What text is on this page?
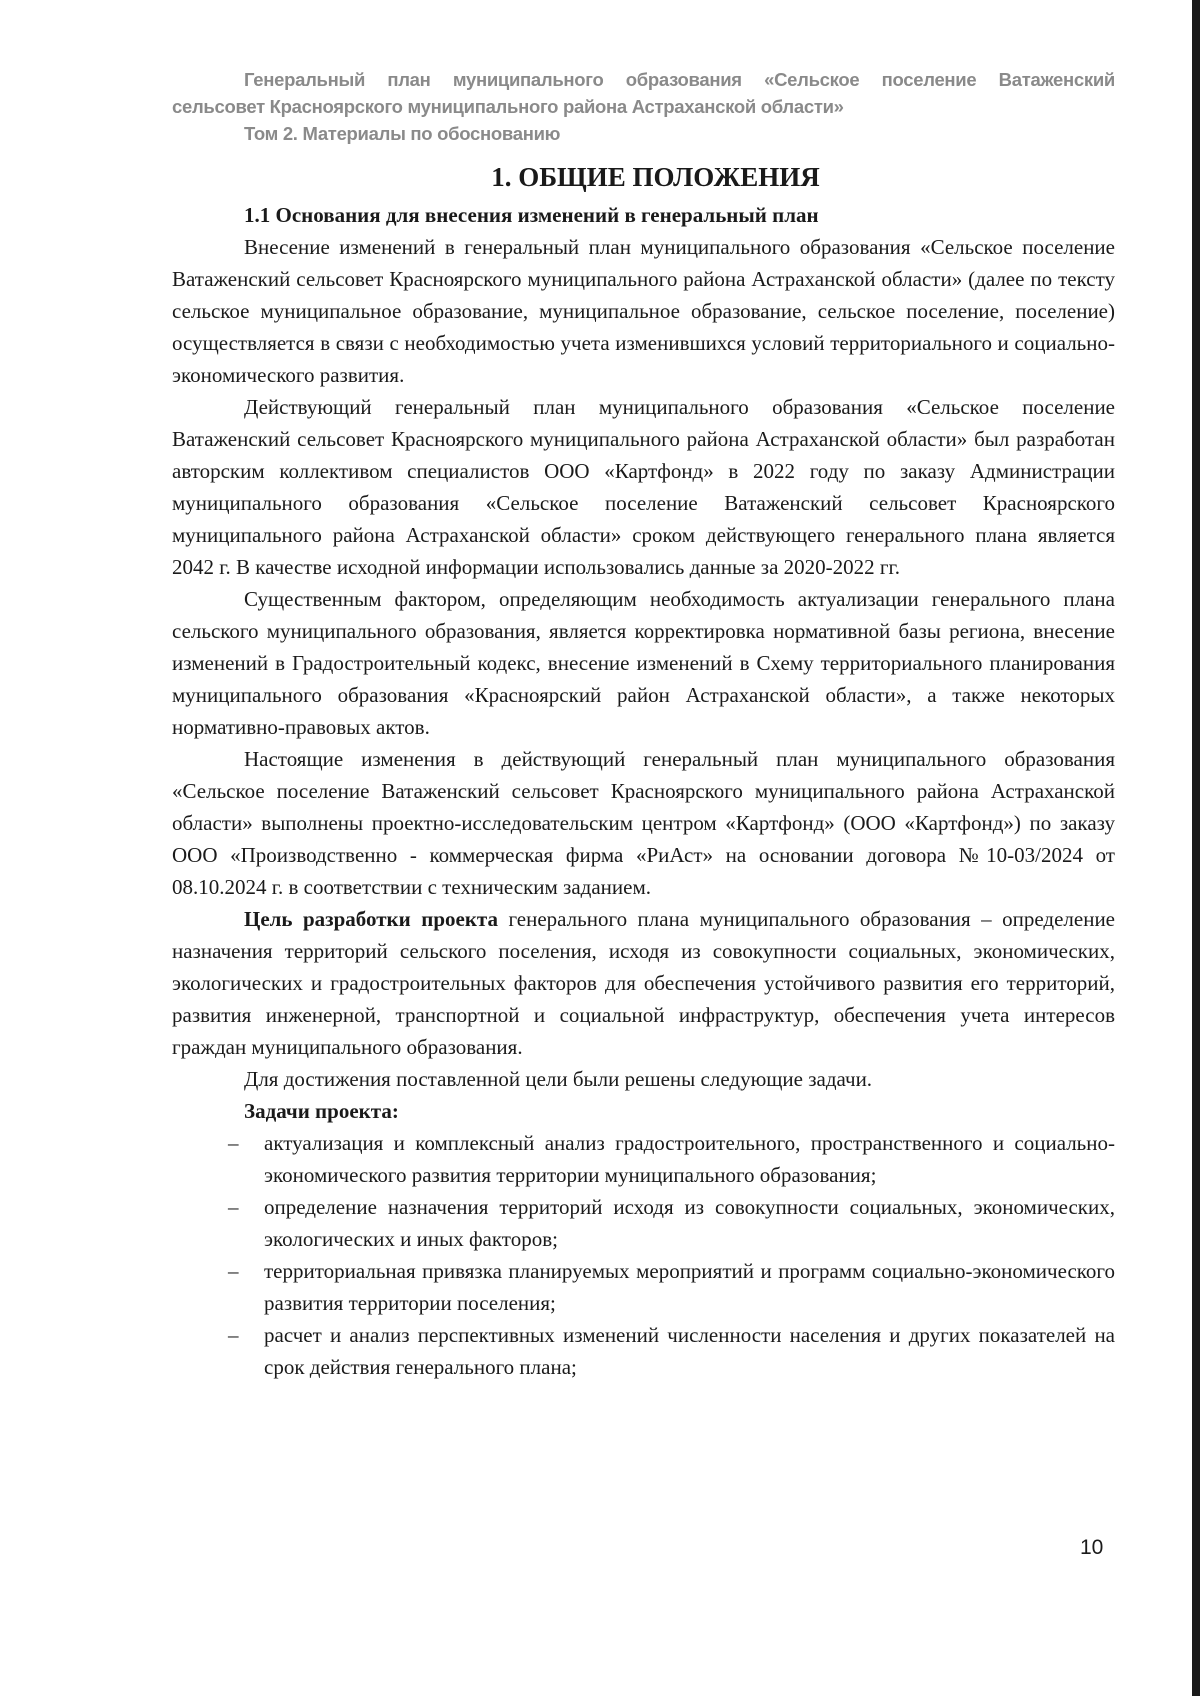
Генеральный план муниципального образования «Сельское поселение Ватаженский
сельсовет Красноярского муниципального района Астраханской области»
Том 2. Материалы по обоснованию
1. ОБЩИЕ ПОЛОЖЕНИЯ
1.1 Основания для внесения изменений в генеральный план

Внесение изменений в генеральный план муниципального образования «Сельское поселение Ватаженский сельсовет Красноярского муниципального района Астраханской области» (далее по тексту сельское муниципальное образование, муниципальное образование, сельское поселение, поселение) осуществляется в связи с необходимостью учета изменившихся условий территориального и социально-экономического развития.

Действующий генеральный план муниципального образования «Сельское поселение Ватаженский сельсовет Красноярского муниципального района Астраханской области» был разработан авторским коллективом специалистов ООО «Картфонд» в 2022 году по заказу Администрации муниципального образования «Сельское поселение Ватаженский сельсовет Красноярского муниципального района Астраханской области» сроком действующего генерального плана является 2042 г. В качестве исходной информации использовались данные за 2020-2022 гг.

Существенным фактором, определяющим необходимость актуализации генерального плана сельского муниципального образования, является корректировка нормативной базы региона, внесение изменений в Градостроительный кодекс, внесение изменений в Схему территориального планирования муниципального образования «Красноярский район Астраханской области», а также некоторых нормативно-правовых актов.

Настоящие изменения в действующий генеральный план муниципального образования «Сельское поселение Ватаженский сельсовет Красноярского муниципального района Астраханской области» выполнены проектно-исследовательским центром «Картфонд» (ООО «Картфонд») по заказу ООО «Производственно - коммерческая фирма «РиАст» на основании договора №10-03/2024 от 08.10.2024 г. в соответствии с техническим заданием.

Цель разработки проекта генерального плана муниципального образования – определение назначения территорий сельского поселения, исходя из совокупности социальных, экономических, экологических и градостроительных факторов для обеспечения устойчивого развития его территорий, развития инженерной, транспортной и социальной инфраструктур, обеспечения учета интересов граждан муниципального образования.

Для достижения поставленной цели были решены следующие задачи.

Задачи проекта:
– актуализация и комплексный анализ градостроительного, пространственного и социально-экономического развития территории муниципального образования;
– определение назначения территорий исходя из совокупности социальных, экономических, экологических и иных факторов;
– территориальная привязка планируемых мероприятий и программ социально-экономического развития территории поселения;
– расчет и анализ перспективных изменений численности населения и других показателей на срок действия генерального плана;
10
